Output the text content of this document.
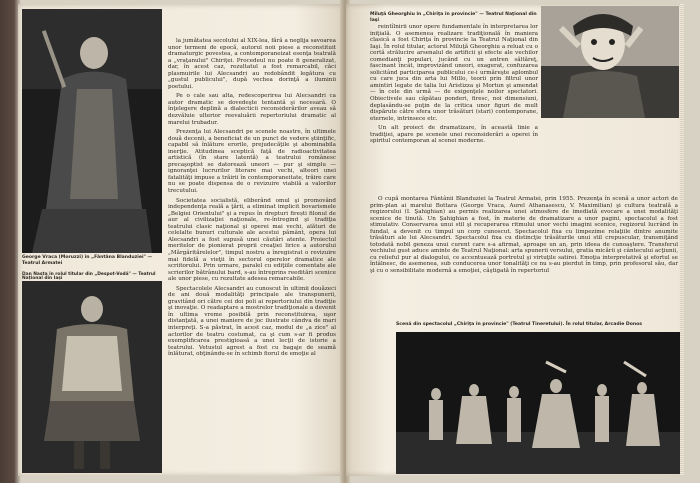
George Vraca (Moruzzi) în „Fântâna Blanduziei" — Teatrul Armatei
Dan Nasta în rolul titular din „Despot-Vodă" — Teatrul Național din Iași

la jumătatea secolului al XIX-lea, fără a neglija savoarea unor termeni de epocă, autorul noii piese a reconstituit dramaturgic povestea, a contemporaneizat esenţa teatrală a „vraţanului" Chiriţei. Procedeul nu poate fi generalizat, dar, în acest caz, rezultatul a fost remarcabil, căci plasmuirile lui Alecsandri au redobândit legătura cu „gustul publicului", după vechea dorinţă a iluminii poetului.

Pe o cale sau alta, redescoperirea lui Alecsandri ca autor dramatic se dovedeşte tentantă şi necesară. O înţelegere deplină a dialecticii reconsiderărilor aveau să dezvăluie ulterior reevaluării repertoriului dramatic al marelui trubadur.

Prezenţa lui Alecsandri pe scenele noastre, în ultimele două decenii, a beneficiat de un punct de vedere ştiinţific, capabil să înlăture erorile, prejudecăţile şi abominabila inerţie. Atitudinea sceptică faţă de radioactivitatea artistică (în stare latentă) a teatrului românesc precaşoptist se datorează uneori — pur şi simplu — ignoranţei lucrurilor literare mai vechi, alteori unei fatalităţi impuse a trăirii în contemporaneitate, trăire care nu se poate dispensa de o revizuire viabilă a valorilor trecutului.

Societatea socialistă, eliberând omul şi promovând independenţa reală a ţării, a eliminat implicit bovarismele „Belgiei Orientului" şi a repus în drepturi firești filonul de aur al civilizaţiei naţionale, re-întregind şi tradiţia teatrului clasic naţional şi operei mai vechi, alături de celelalte bunuri culturale ale acestui pământ, opera lui Alecsandri a fost supusă unei căutări atente. Proiectul meritelor de pionierat proprii creaţiei lirice a autorului „Mărgăritărelelor", timpul nostru a înregistrat o revizuire mai fidelă a vieţii în sectorul operelor dramatice ale scriitorului. Prin urmare, paralel cu ediţiile comentate ale scrierilor bătrânului bard, s-au întreprins reeditări scenice ale unor piese, cu rezultate adesea remarcabile.

Spectacolele Alecsandri au cunoscut în ultimii douăzeci de ani două modalităţi principale ale transpunerii, gravitând ori către cei doi poli ai repertoriului din tradiţie şi inovaţie. O readaptare a mostrelor tradiţionale a devenit în ultima vreme posibilă prin reconstituirea, uşor distanţată, a unei maniere de joc ilustrate cândva de mari interpreţi. S-a păstrat, în acest caz, modul de „a zice" al actorilor de teatru costumat, ca şi cum s-ar fi produs exemplificarea prestigioasă a unei lecţii de istorie a teatrului. Vetustul agrest a fost cu bagaje de seamă înlăturat, obţinându-se în schimb fiorul de emoţie al

Miluţă Gheorghiu în „Chiriţa în provincie" — Teatrul Naţional din Iaşi

reintîlnirii unor opere fundamentale în interpretarea lor iniţială. O asemenea realizare tradiţională în maniera clasică a fost Chiriţa în provincie la Teatrul Naţional din Iaşi. În rolul titular, actorul Miluţă Gheorghiu a reluat cu o certă strălucire arsenalul de artificii şi efecte ale vechilor comedianţi populari, jucând cu un antren săltăreţ, fascinant încât, improvizând uneori, exagerat, confuzarea solicitând participarea publicului ce-i urmăreşte aplombul cu care juca din arta lui Millo, teorii prin filtrul unor amintiri legate de talia lui Aristizza şi Mortun şi amendat — în cele din urmă — de exigenţele noilor spectatori. Obiectivele sau căpătau ponderi, firesc, noi dimensiuni, deplasându-se puţin de la critica unor figuri de mult dispărute către sfera unor trăsături (stari) contemporane, eternele, intrinsece etc.

Un alt proiect de dramatizare, în această linie a tradiţiei, apare pe scenele unei reconsiderări a operei în spiritul contemporan al scenei moderne.

O cupă montarea Fântânii Blanduziei la Teatrul Armatei, prin 1955. Prezenţa în scenă a unor actori de prim-plan ai marelui Bottara (George Vraca, Aurel Athanasescu, V. Maximilian) şi cultura teatrală a regizorului (I. Şahighian) au permis realizarea unei atmosfere de imediată evocare a unei modalităţi scenice de tinută. Un Şahighian a fost, în materie de dramatizare a unor pagini, spectacolul a fost stimulativ. Conservarea unui stil şi recuperarea ritmului unor vechi imagini scenice, regizorul lucrând în fundal, a devenit cu timpul un corp cunoscut. Spectacolul fixa cu limpezime relaţiile dintre anumite trăsături ale lui Alecsandri. Spectacolul fixa cu distincţie trăsăturile unui stil crepuscular, transmiţând totodată nobil geneza unui curent care s-a afirmat, aproape un an, prin ideea de cunoaştere. Transferul vechiului gust aduce aminte de Teatrul Naţional: arta spunerii versului, gratia micării şi cântecului acţiunii, cu relieful pur al dialogului, ce accentuează portretul şi virtuţile satirei. Emoţia interpretativă şi efortul se întâlnesc, de asemenea, sub conducerea unor tonalităţi ce nu s-au pierdut în timp, prin profesorul său, dar şi cu o sensibilitate modernă a emoţiei, câştigată în repertoriul

Scenă din spectacolul „Chiriţa în provincie" (Teatrul Tineretului). În rolul titular, Arcadie Donos
